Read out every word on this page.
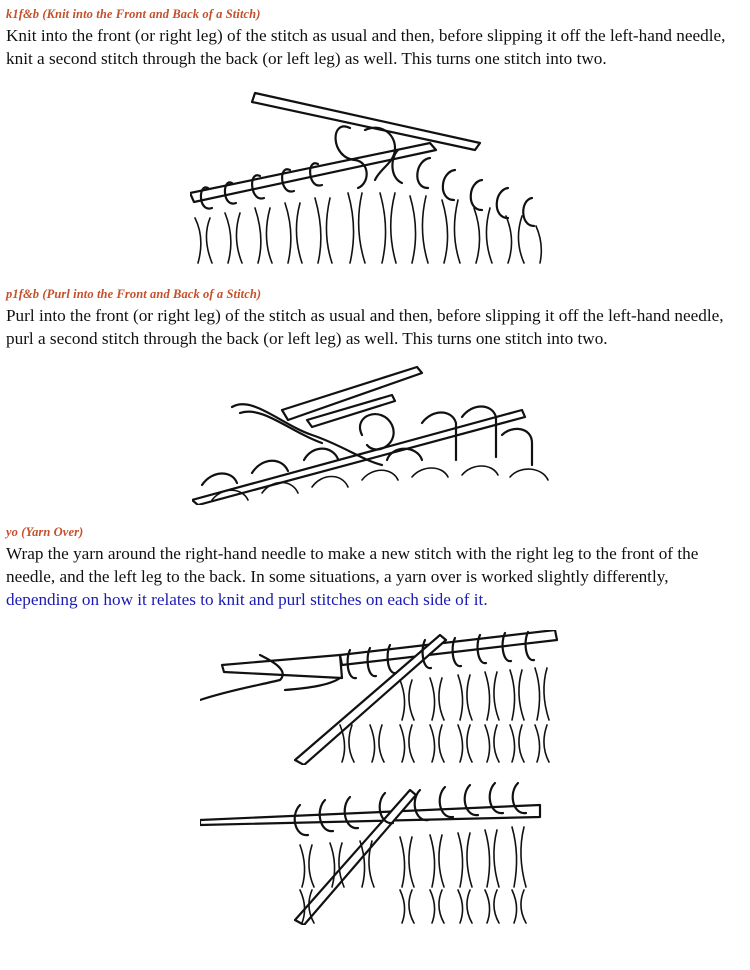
k1f&b (Knit into the Front and Back of a Stitch)

Knit into the front (or right leg) of the stitch as usual and then, before slipping it off the left-hand needle, knit a second stitch through the back (or left leg) as well. This turns one stitch into two.

p1f&b (Purl into the Front and Back of a Stitch)

Purl into the front (or right leg) of the stitch as usual and then, before slipping it off the left-hand needle, purl a second stitch through the back (or left leg) as well. This turns one stitch into two.

yo (Yarn Over)

Wrap the yarn around the right-hand needle to make a new stitch with the right leg to the front of the needle, and the left leg to the back. In some situations, a yarn over is worked slightly differently, depending on how it relates to knit and purl stitches on each side of it.
